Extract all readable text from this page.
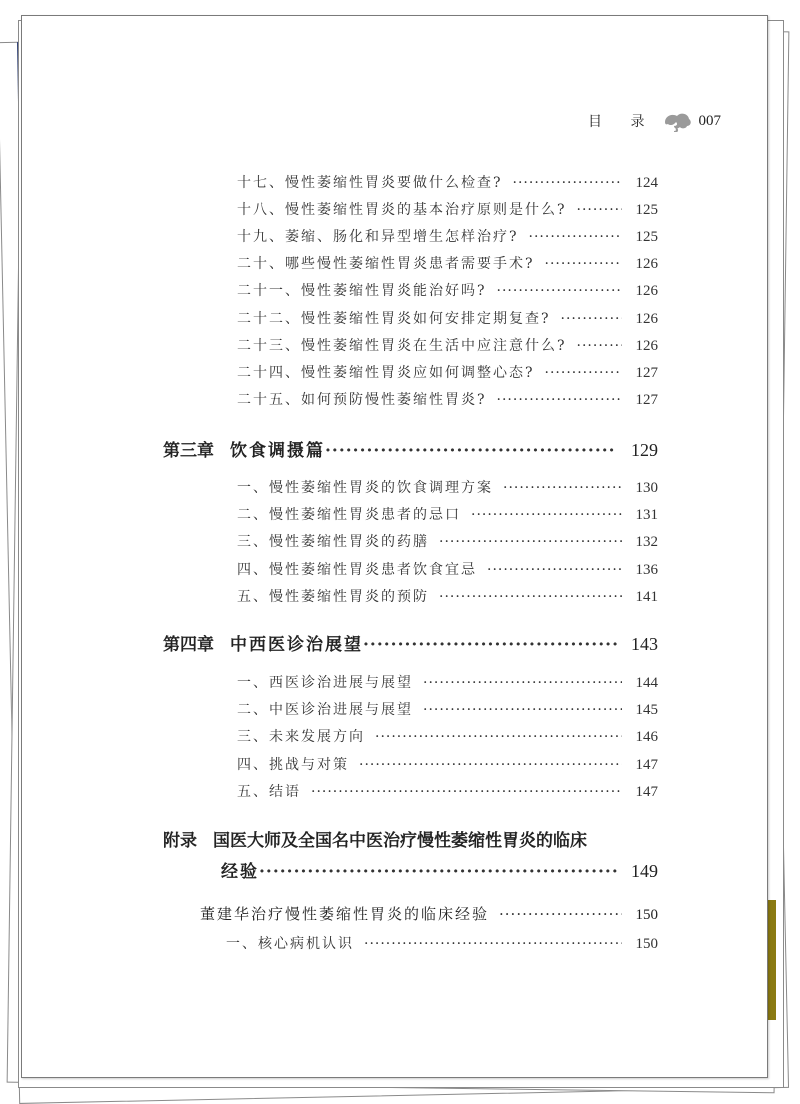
目 录	007
十七、慢性萎缩性胃炎要做什么检查? ·····	124
十八、慢性萎缩性胃炎的基本治疗原则是什么? ·····	125
十九、萎缩、肠化和异型增生怎样治疗? ·····	125
二十、哪些慢性萎缩性胃炎患者需要手术? ·····	126
二十一、慢性萎缩性胃炎能治好吗? ·····	126
二十二、慢性萎缩性胃炎如何安排定期复查? ·····	126
二十三、慢性萎缩性胃炎在生活中应注意什么? ·····	126
二十四、慢性萎缩性胃炎应如何调整心态? ·····	127
二十五、如何预防慢性萎缩性胃炎? ·····	127
第三章 饮食调摄篇 ·····	129
一、慢性萎缩性胃炎的饮食调理方案 ·····	130
二、慢性萎缩性胃炎患者的忌口 ·····	131
三、慢性萎缩性胃炎的药膳 ·····	132
四、慢性萎缩性胃炎患者饮食宜忌 ·····	136
五、慢性萎缩性胃炎的预防 ·····	141
第四章 中西医诊治展望 ·····	143
一、西医诊治进展与展望 ·····	144
二、中医诊治进展与展望 ·····	145
三、未来发展方向 ·····	146
四、挑战与对策 ·····	147
五、结语 ·····	147
附录 国医大师及全国名中医治疗慢性萎缩性胃炎的临床
经验 ·····	149
董建华治疗慢性萎缩性胃炎的临床经验 ·····	150
一、核心病机认识 ·····	150
